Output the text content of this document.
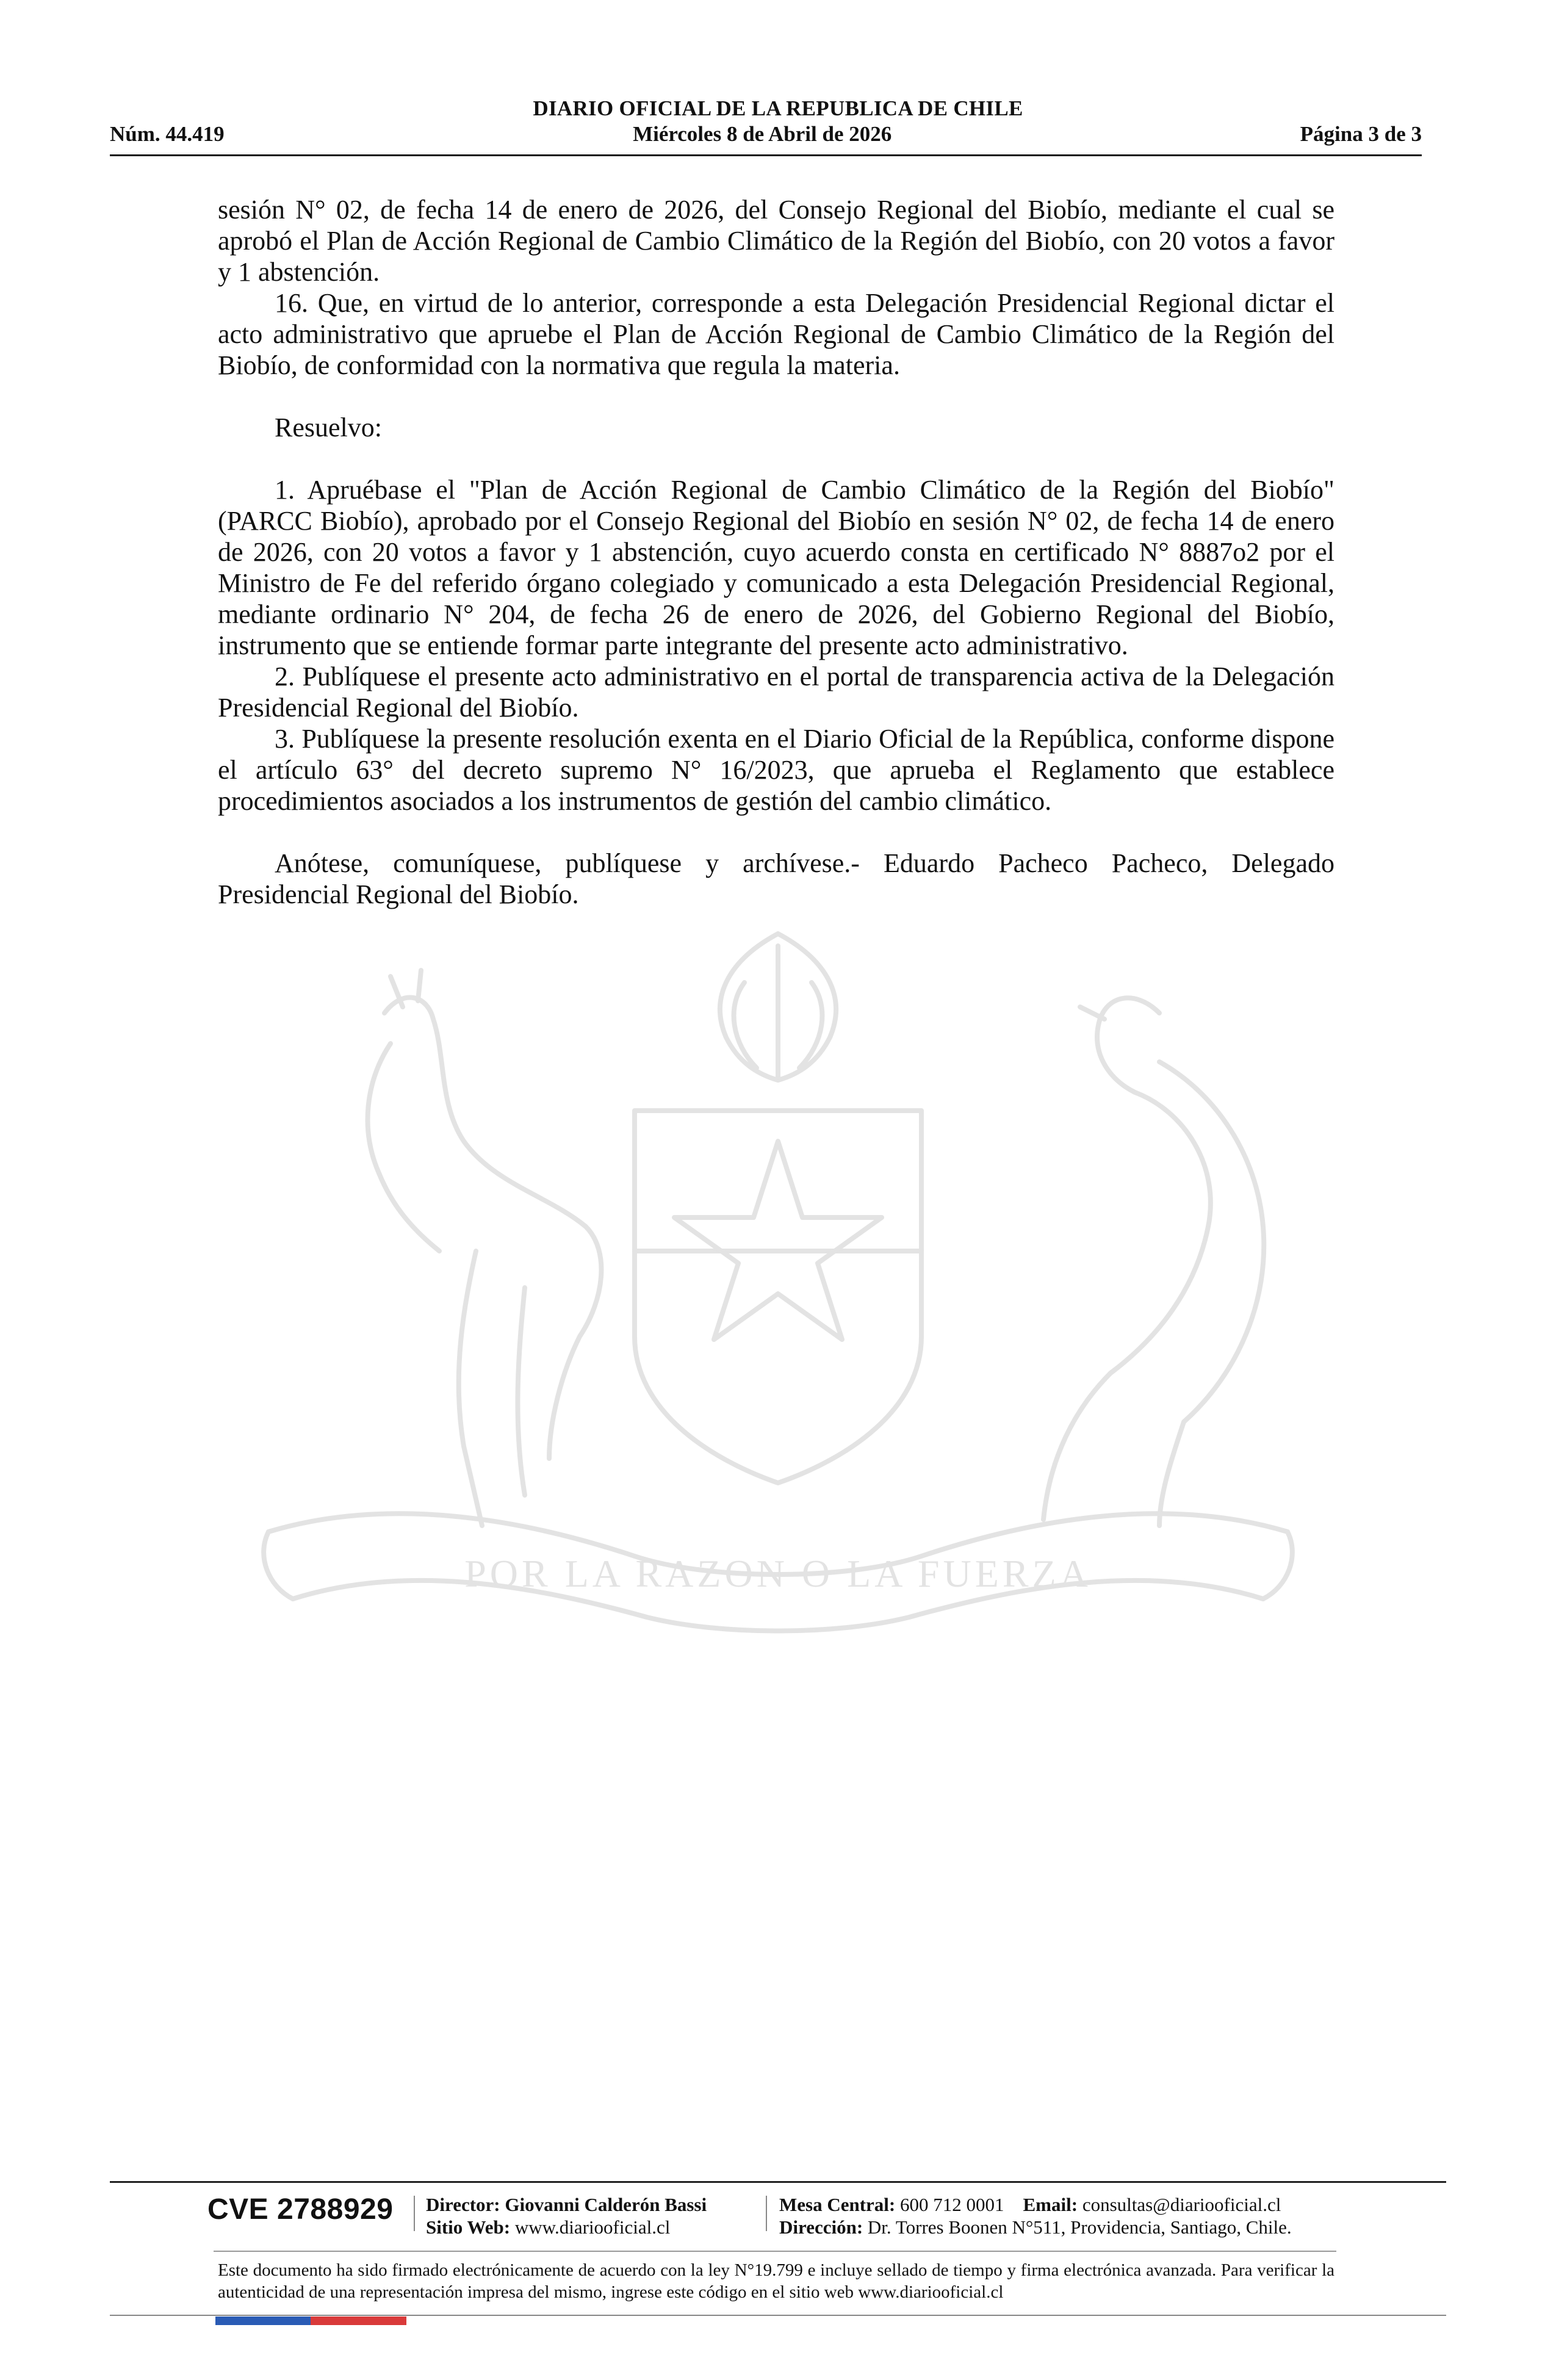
DIARIO OFICIAL DE LA REPUBLICA DE CHILE
Núm. 44.419	Miércoles 8 de Abril de 2026	Página 3 de 3

sesión N° 02, de fecha 14 de enero de 2026, del Consejo Regional del Biobío, mediante el cual se aprobó el Plan de Acción Regional de Cambio Climático de la Región del Biobío, con 20 votos a favor y 1 abstención.

16. Que, en virtud de lo anterior, corresponde a esta Delegación Presidencial Regional dictar el acto administrativo que apruebe el Plan de Acción Regional de Cambio Climático de la Región del Biobío, de conformidad con la normativa que regula la materia.

Resuelvo:

1. Apruébase el "Plan de Acción Regional de Cambio Climático de la Región del Biobío" (PARCC Biobío), aprobado por el Consejo Regional del Biobío en sesión N° 02, de fecha 14 de enero de 2026, con 20 votos a favor y 1 abstención, cuyo acuerdo consta en certificado N° 8887o2 por el Ministro de Fe del referido órgano colegiado y comunicado a esta Delegación Presidencial Regional, mediante ordinario N° 204, de fecha 26 de enero de 2026, del Gobierno Regional del Biobío, instrumento que se entiende formar parte integrante del presente acto administrativo.

2. Publíquese el presente acto administrativo en el portal de transparencia activa de la Delegación Presidencial Regional del Biobío.

3. Publíquese la presente resolución exenta en el Diario Oficial de la República, conforme dispone el artículo 63° del decreto supremo N° 16/2023, que aprueba el Reglamento que establece procedimientos asociados a los instrumentos de gestión del cambio climático.

Anótese, comuníquese, publíquese y archívese.- Eduardo Pacheco Pacheco, Delegado Presidencial Regional del Biobío.

POR LA RAZON O LA FUERZA
CVE 2788929 Director: Giovanni Calderón Bassi
Sitio Web: www.diariooficial.cl
Mesa Central: 600 712 0001 Email: consultas@diariooficial.cl
Dirección: Dr. Torres Boonen N°511, Providencia, Santiago, Chile.

Este documento ha sido firmado electrónicamente de acuerdo con la ley N°19.799 e incluye sellado de tiempo y firma electrónica avanzada. Para verificar la autenticidad de una representación impresa del mismo, ingrese este código en el sitio web www.diariooficial.cl
